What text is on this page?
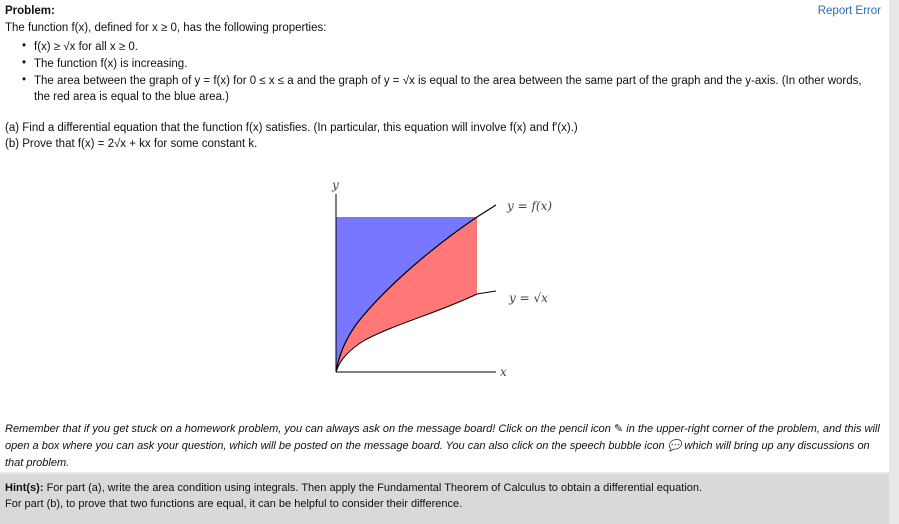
Problem:	Report Error
The function f(x), defined for x ≥ 0, has the following properties:
• f(x) ≥ √x for all x ≥ 0.
• The function f(x) is increasing.
• The area between the graph of y = f(x) for 0 ≤ x ≤ a and the graph of y = √x is equal to the area between the same part of the graph and the y-axis. (In other words, the red area is equal to the blue area.)
(a) Find a differential equation that the function f(x) satisfies. (In particular, this equation will involve f(x) and f′(x).)
(b) Prove that f(x) = 2√x + kx for some constant k.
y
x
y = f(x)
y = √x
Remember that if you get stuck on a homework problem, you can always ask on the message board! Click on the pencil icon ✎ in the upper-right corner of the problem, and this will open a box where you can ask your question, which will be posted on the message board. You can also click on the speech bubble icon 💬 which will bring up any discussions on that problem.
Hint(s): For part (a), write the area condition using integrals. Then apply the Fundamental Theorem of Calculus to obtain a differential equation.
For part (b), to prove that two functions are equal, it can be helpful to consider their difference.
